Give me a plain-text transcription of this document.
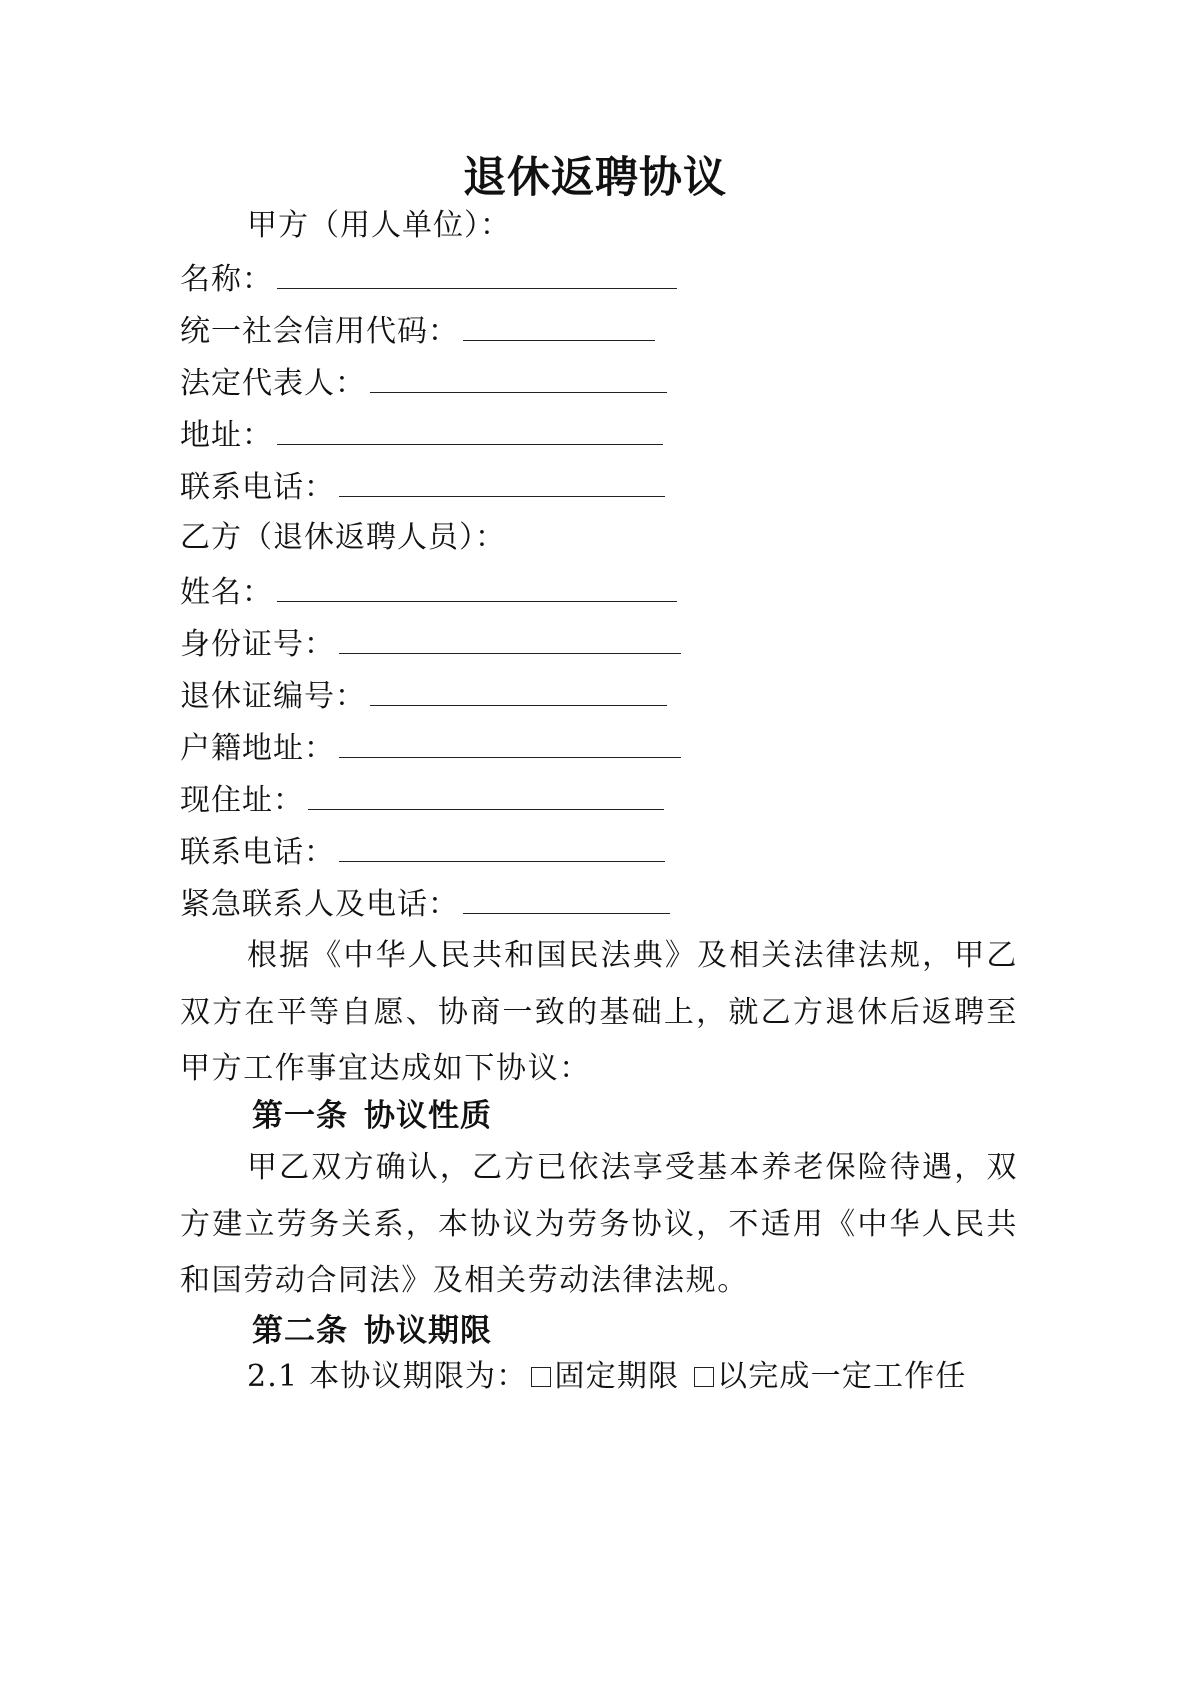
退休返聘协议
甲方（用人单位）：
名称：
统一社会信用代码：
法定代表人：
地址：
联系电话：
乙方（退休返聘人员）：
姓名：
身份证号：
退休证编号：
户籍地址：
现住址：
联系电话：
紧急联系人及电话：
根据《中华人民共和国民法典》及相关法律法规，甲乙双方在平等自愿、协商一致的基础上，就乙方退休后返聘至甲方工作事宜达成如下协议：
第一条 协议性质
甲乙双方确认，乙方已依法享受基本养老保险待遇，双方建立劳务关系，本协议为劳务协议，不适用《中华人民共和国劳动合同法》及相关劳动法律法规。
第二条 协议期限
2.1 本协议期限为： 固定期限 以完成一定工作任
